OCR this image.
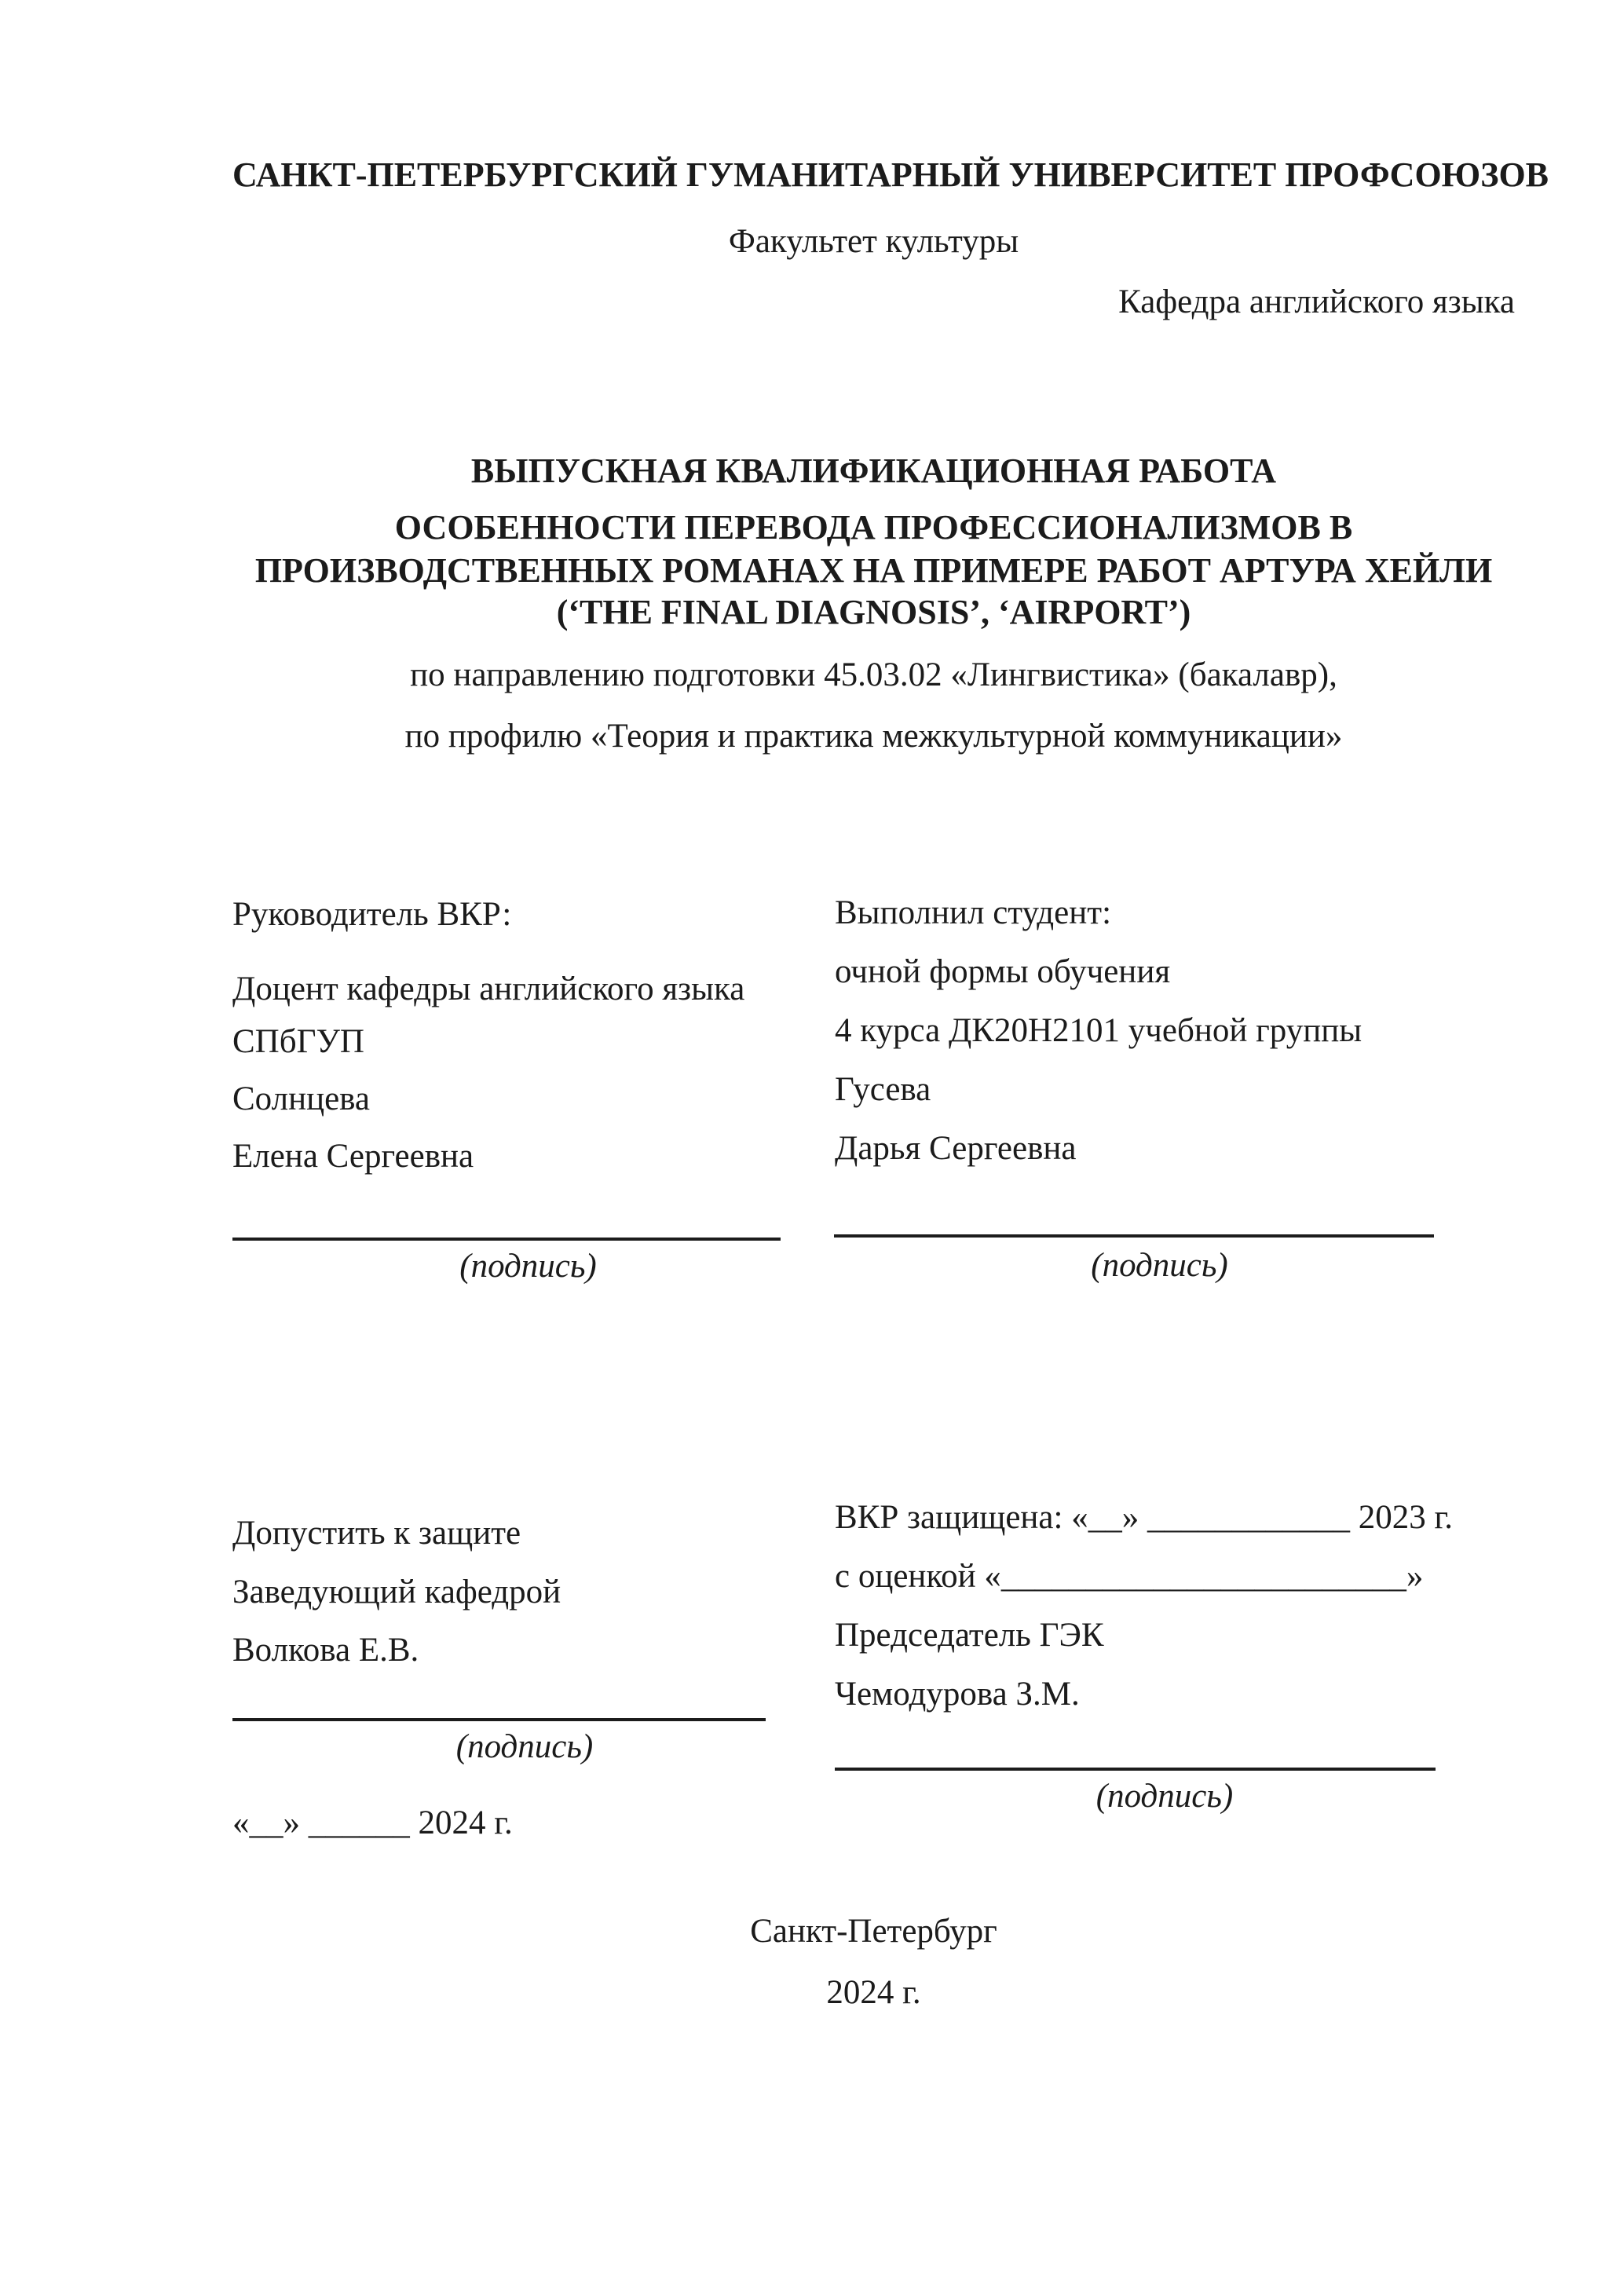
САНКТ-ПЕТЕРБУРГСКИЙ ГУМАНИТАРНЫЙ УНИВЕРСИТЕТ ПРОФСОЮЗОВ
Факультет культуры
Кафедра английского языка
ВЫПУСКНАЯ КВАЛИФИКАЦИОННАЯ РАБОТА
ОСОБЕННОСТИ ПЕРЕВОДА ПРОФЕССИОНАЛИЗМОВ В
ПРОИЗВОДСТВЕННЫХ РОМАНАХ НА ПРИМЕРЕ РАБОТ АРТУРА ХЕЙЛИ
(‘THE FINAL DIAGNOSIS’, ‘AIRPORT’)
по направлению подготовки 45.03.02 «Лингвистика» (бакалавр),
по профилю «Теория и практика межкультурной коммуникации»
Руководитель ВКР:
Доцент кафедры английского языка
СПбГУП
Солнцева
Елена Сергеевна
(подпись)
Выполнил студент:
очной формы обучения
4 курса ДК20Н2101 учебной группы
Гусева
Дарья Сергеевна
(подпись)
Допустить к защите
Заведующий кафедрой
Волкова Е.В.
(подпись)
«__» ______ 2024 г.
ВКР защищена: «__» ____________ 2023 г.
с оценкой «________________________»
Председатель ГЭК
Чемодурова З.М.
(подпись)
Санкт-Петербург
2024 г.
